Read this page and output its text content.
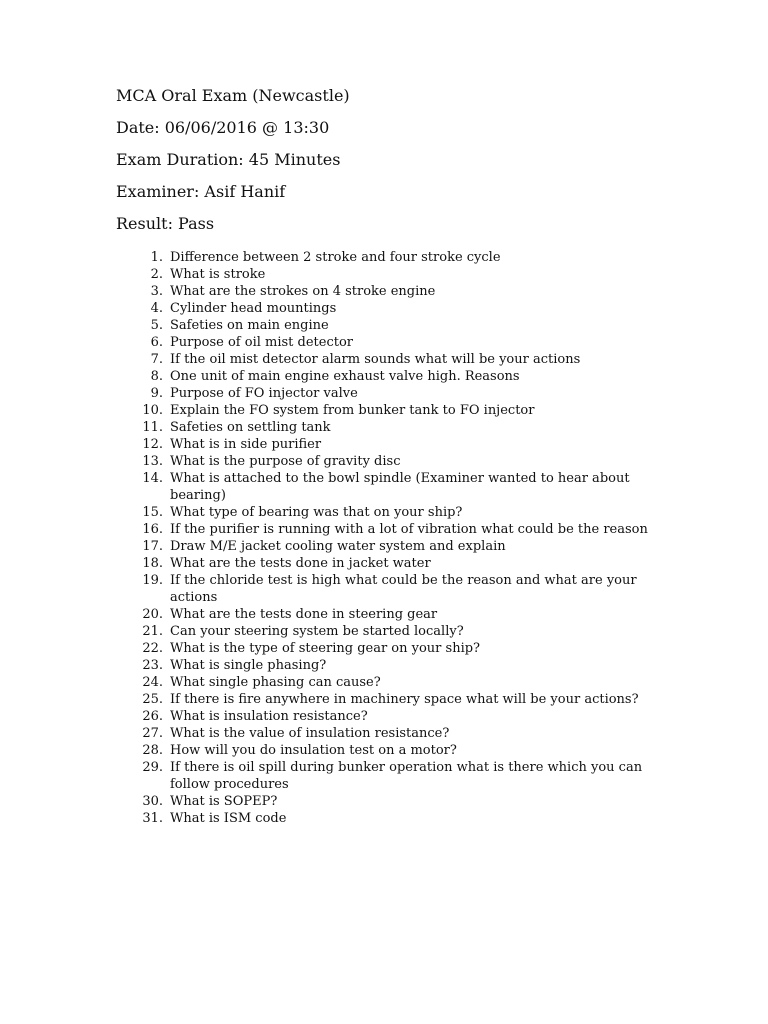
MCA Oral Exam (Newcastle)
Date: 06/06/2016 @ 13:30
Exam Duration: 45 Minutes
Examiner: Asif Hanif
Result: Pass
1 . Difference between 2 stroke and four stroke cycle
2 . What is stroke
3 . What are the strokes on 4 stroke engine
4 . Cylinder head mountings
5 . Safeties on main engine
6 . Purpose of oil mist detector
7 . If the oil mist detector alarm sounds what will be your actions
8 . One unit of main engine exhaust valve high. Reasons
9 . Purpose of FO injector valve
10 . Explain the FO system from bunker tank to FO injector
11 . Safeties on settling tank
12 . What is in side purifier
13 . What is the purpose of gravity disc
14 . What is attached to the bowl spindle (Examiner wanted to hear about bearing)
15 . What type of bearing was that on your ship?
16 . If the purifier is running with a lot of vibration what could be the reason
17 . Draw M/E jacket cooling water system and explain
18 . What are the tests done in jacket water
19 . If the chloride test is high what could be the reason and what are your actions
20 . What are the tests done in steering gear
21 . Can your steering system be started locally?
22 . What is the type of steering gear on your ship?
23 . What is single phasing?
24 . What single phasing can cause?
25 . If there is fire anywhere in machinery space what will be your actions?
26 . What is insulation resistance?
27 . What is the value of insulation resistance?
28 . How will you do insulation test on a motor?
29 . If there is oil spill during bunker operation what is there which you can follow procedures
30 . What is SOPEP?
31 . What is ISM code
